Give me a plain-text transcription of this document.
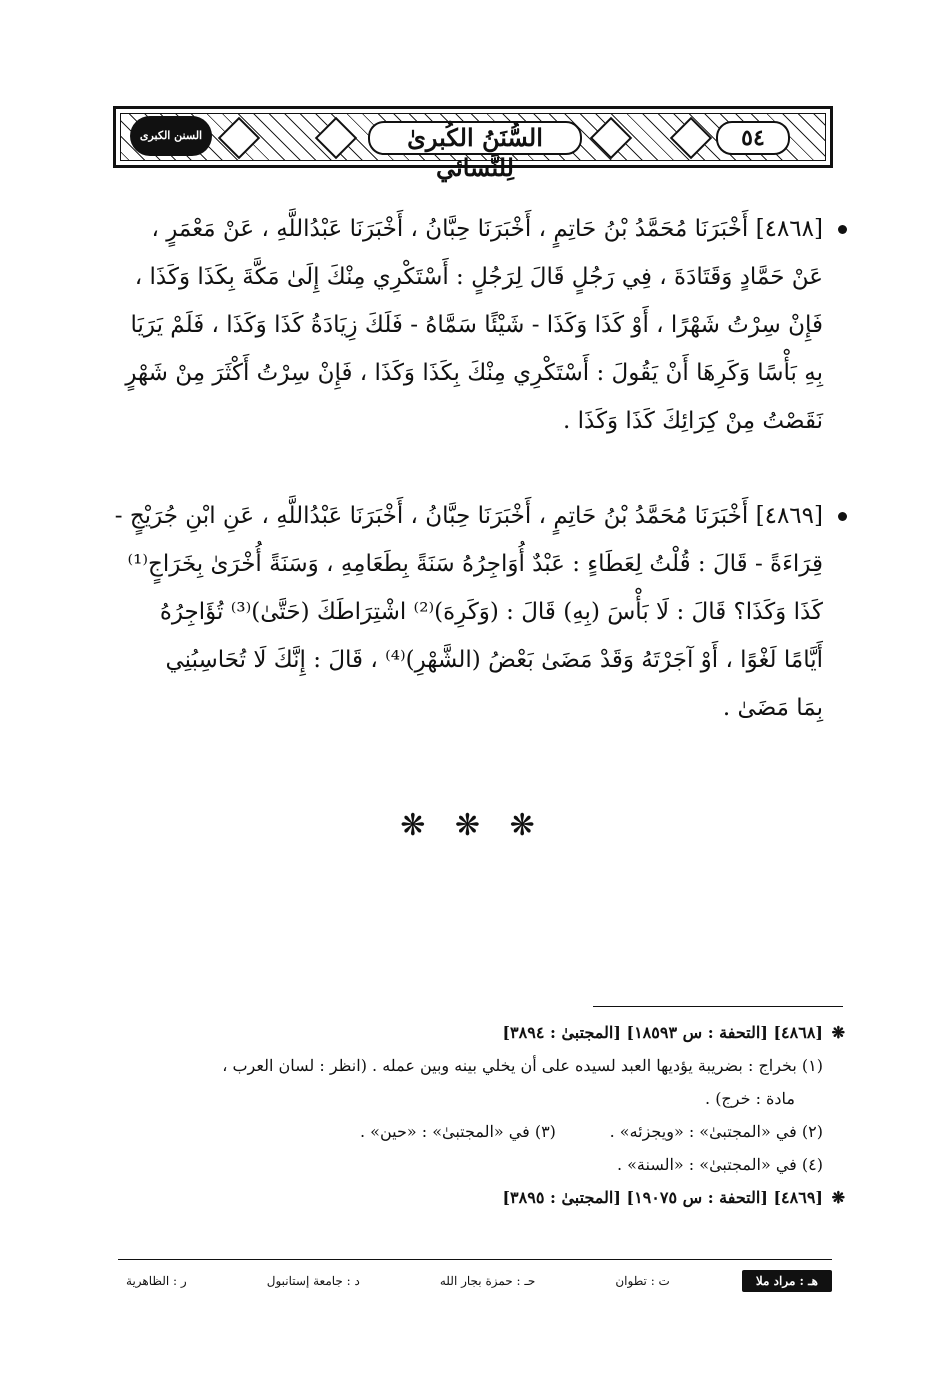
السنن الكبرى	السُّنَنُ الكُبرىٰ لِلنَّسائي
٥٤
[٤٨٦٨] أَخْبَرَنَا مُحَمَّدُ بْنُ حَاتِمٍ ، أَخْبَرَنَا حِبَّانُ ، أَخْبَرَنَا عَبْدُاللَّهِ ، عَنْ مَعْمَرٍ ،
عَنْ حَمَّادٍ وَقَتَادَةَ ، فِي رَجُلٍ قَالَ لِرَجُلٍ : أَسْتَكْرِي مِنْكَ إِلَىٰ مَكَّةَ بِكَذَا وَكَذَا ،
فَإِنْ سِرْتُ شَهْرًا ، أَوْ كَذَا وَكَذَا - شَيْئًا سَمَّاهُ - فَلَكَ زِيَادَةُ كَذَا وَكَذَا ، فَلَمْ يَرَيَا
بِهِ بَأْسًا وَكَرِهَا أَنْ يَقُولَ : أَسْتَكْرِي مِنْكَ بِكَذَا وَكَذَا ، فَإِنْ سِرْتُ أَكْثَرَ مِنْ شَهْرٍ
نَقَصْتُ مِنْ كِرَائِكَ كَذَا وَكَذَا .
[٤٨٦٩] أَخْبَرَنَا مُحَمَّدُ بْنُ حَاتِمٍ ، أَخْبَرَنَا حِبَّانُ ، أَخْبَرَنَا عَبْدُاللَّهِ ، عَنِ ابْنِ جُرَيْجٍ -
قِرَاءَةً - قَالَ : قُلْتُ لِعَطَاءٍ : عَبْدٌ أُوَاجِرُهُ سَنَةً بِطَعَامِهِ ، وَسَنَةً أُخْرَىٰ بِخَرَاجٍ⁽¹⁾
كَذَا وَكَذَا؟ قَالَ : لَا بَأْسَ (بِهِ) قَالَ : (وَكَرِهَ)⁽²⁾ اشْتِرَاطَكَ (حَتَّىٰ)⁽³⁾ تُؤَاجِرُهُ
أَيَّامًا لَغْوًا ، أَوْ آجَرْتَهُ وَقَدْ مَضَىٰ بَعْضُ (الشَّهْرِ)⁽⁴⁾ ، قَالَ : إِنَّكَ لَا تُحَاسِبُنِي
بِمَا مَضَىٰ .
❋ ❋ ❋
❋
[٤٨٦٨] [التحفة : س ١٨٥٩٣] [المجتبىٰ : ٣٨٩٤]
(١) بخراج : بضريبة يؤديها العبد لسيده على أن يخلي بينه وبين عمله . (انظر : لسان العرب ،
مادة : خرج) .
(٢) في «المجتبىٰ» : «ويجزئه» .
(٣) في «المجتبىٰ» : «حين» .
(٤) في «المجتبىٰ» : «السنة» .
❋
[٤٨٦٩] [التحفة : س ١٩٠٧٥] [المجتبىٰ : ٣٨٩٥]
هـ : مراد ملا
ت : تطوان
حـ : حمزة بجار الله
د : جامعة إستانبول
ر : الظاهرية
